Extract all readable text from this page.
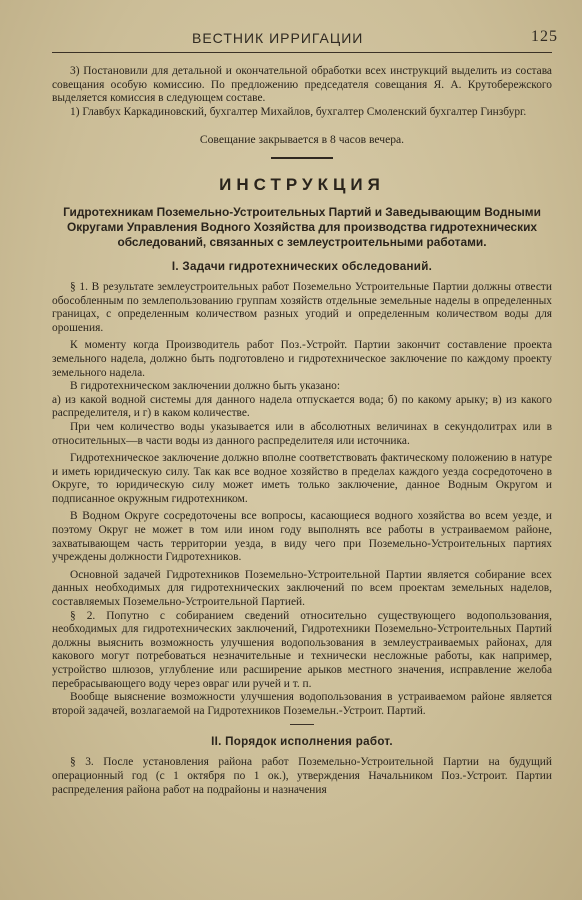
ВЕСТНИК ИРРИГАЦИИ	125

3) Постановили для детальной и окончательной обработки всех инструкций выделить из состава совещания особую комиссию. По предложению председателя совещания Я. А. Крутобережского выделяется комиссия в следующем составе.

1) Главбух Каркадиновский, бухгалтер Михайлов, бухгалтер Смоленский бухгалтер Гинзбург.

Совещание закрывается в 8 часов вечера.

ИНСТРУКЦИЯ
Гидротехникам Поземельно-Устроительных Партий и Заведывающим Водными Округами Управления Водного Хозяйства для производства гидротехнических обследований, связанных с землеустроительными работами.
I. Задачи гидротехнических обследований.

§ 1. В результате землеустроительных работ Поземельно Устроительные Партии должны отвести обособленным по землепользованию группам хозяйств отдельные земельные наделы в определенных границах, с определенным количеством разных угодий и определенным количеством воды для орошения.

К моменту когда Производитель работ Поз.-Устройт. Партии закончит составление проекта земельного надела, должно быть подготовлено и гидротехническое заключение по каждому проекту земельного надела.

В гидротехническом заключении должно быть указано:

а) из какой водной системы для данного надела отпускается вода; б) по какому арыку; в) из какого распределителя, и г) в каком количестве.

При чем количество воды указывается или в абсолютных величинах в секундолитрах или в относительных—в части воды из данного распределителя или источника.

Гидротехническое заключение должно вполне соответствовать фактическому положению в натуре и иметь юридическую силу. Так как все водное хозяйство в пределах каждого уезда сосредоточено в Округе, то юридическую силу может иметь только заключение, данное Водным Округом и подписанное окружным гидротехником.

В Водном Округе сосредоточены все вопросы, касающиеся водного хозяйства во всем уезде, и поэтому Округ не может в том или ином году выполнять все работы в устраиваемом районе, захватывающем часть территории уезда, в виду чего при Поземельно-Устроительных партиях учреждены должности Гидротехников.

Основной задачей Гидротехников Поземельно-Устроительной Партии является собирание всех данных необходимых для гидротехнических заключений по всем проектам земельных наделов, составляемых Поземельно-Устроительной Партией.

§ 2. Попутно с собиранием сведений относительно существующего водопользования, необходимых для гидротехнических заключений, Гидротехники Поземельно-Устроительных Партий должны выяснить возможность улучшения водопользования в землеустраиваемых районах, для какового могут потребоваться незначительные и технически несложные работы, как например, устройство шлюзов, углубление или расширение арыков местного значения, исправление желоба перебрасывающего воду через овраг или ручей и т. п.

Вообще выяснение возможности улучшения водопользования в устраиваемом районе является второй задачей, возлагаемой на Гидротехников Поземельн.-Устроит. Партий.

II. Порядок исполнения работ.

§ 3. После установления района работ Поземельно-Устроительной Партии на будущий операционный год (с 1 октября по 1 ок.), утверждения Начальником Поз.-Устроит. Партии распределения района работ на подрайоны и назначения
